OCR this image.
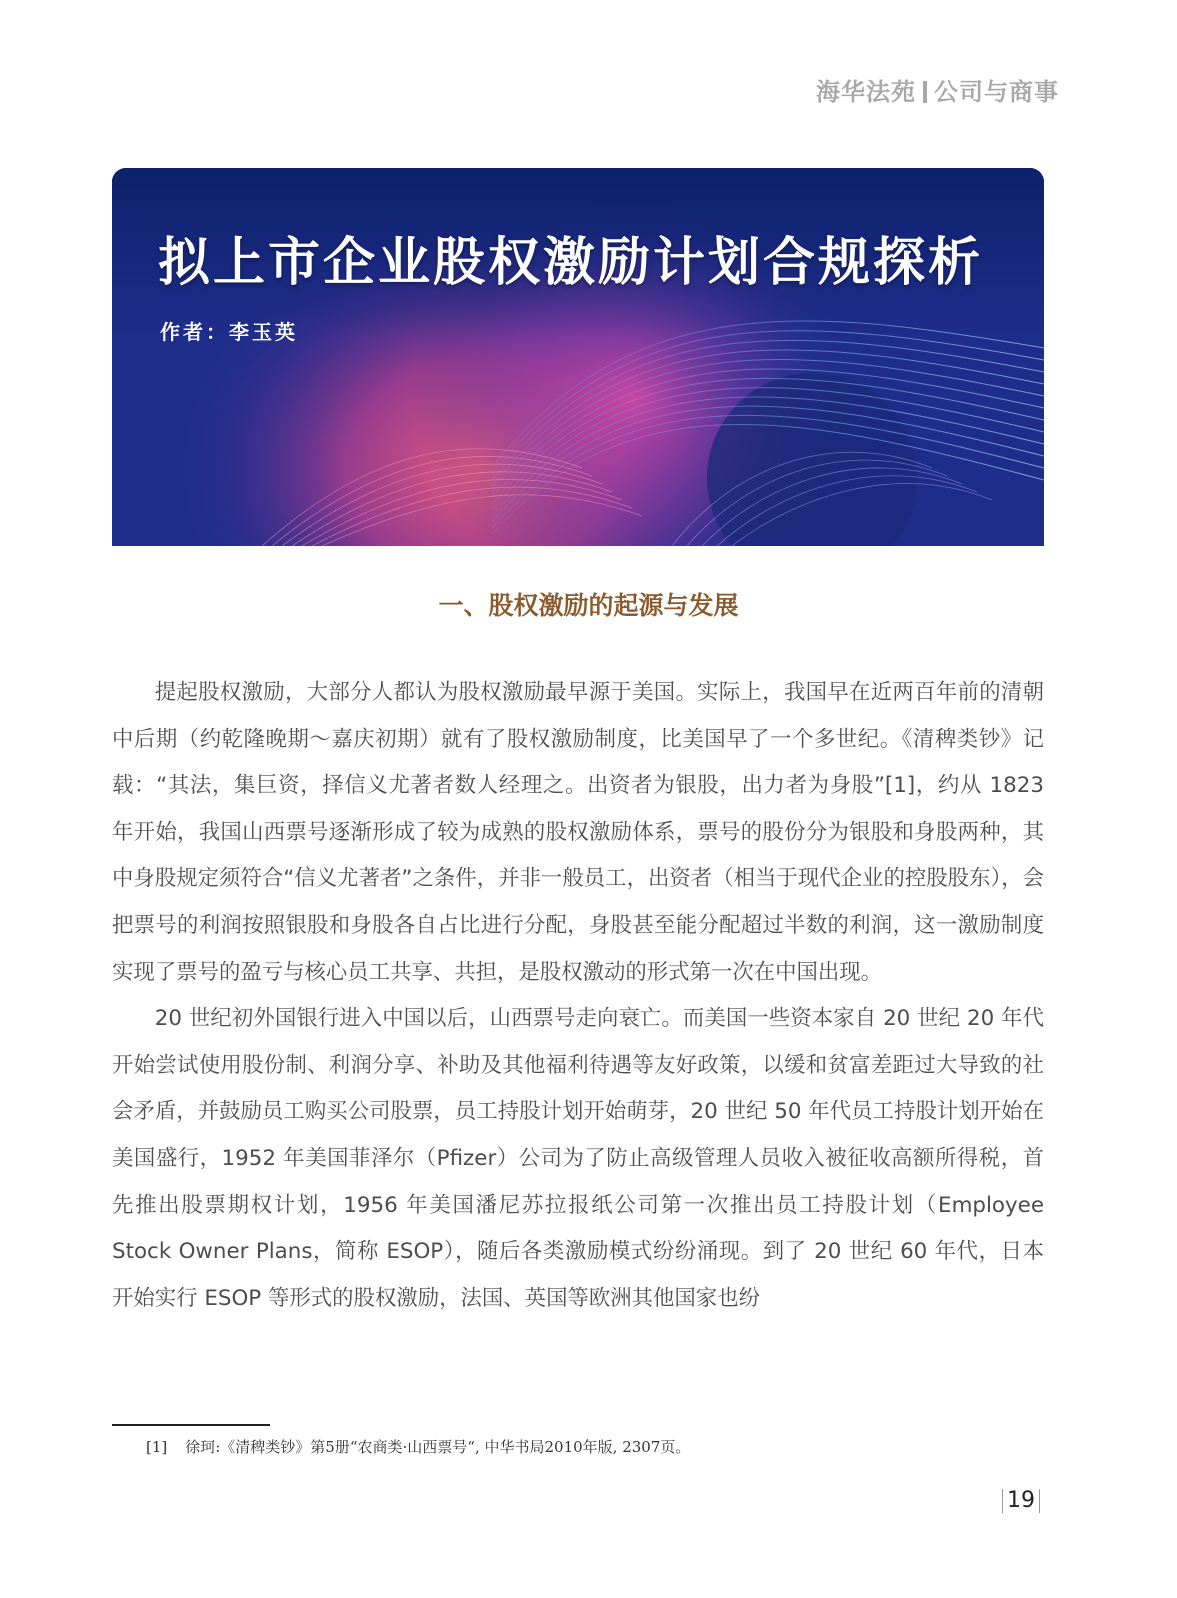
海华法苑 公司与商事
拟上市企业股权激励计划合规探析
作者：李玉英
一、股权激励的起源与发展

提起股权激励，大部分人都认为股权激励最早源于美国。实际上，我国早在近两百年前的清朝中后期（约乾隆晚期～嘉庆初期）就有了股权激励制度，比美国早了一个多世纪。《清稗类钞》记载：“其法，集巨资，择信义尤著者数人经理之。出资者为银股，出力者为身股”[1]，约从 1823 年开始，我国山西票号逐渐形成了较为成熟的股权激励体系，票号的股份分为银股和身股两种，其中身股规定须符合“信义尤著者”之条件，并非一般员工，出资者（相当于现代企业的控股股东），会把票号的利润按照银股和身股各自占比进行分配，身股甚至能分配超过半数的利润，这一激励制度实现了票号的盈亏与核心员工共享、共担，是股权激动的形式第一次在中国出现。

20 世纪初外国银行进入中国以后，山西票号走向衰亡。而美国一些资本家自 20 世纪 20 年代开始尝试使用股份制、利润分享、补助及其他福利待遇等友好政策，以缓和贫富差距过大导致的社会矛盾，并鼓励员工购买公司股票，员工持股计划开始萌芽，20 世纪 50 年代员工持股计划开始在美国盛行，1952 年美国菲泽尔（Pfizer）公司为了防止高级管理人员收入被征收高额所得税，首先推出股票期权计划，1956 年美国潘尼苏拉报纸公司第一次推出员工持股计划（Employee Stock Owner Plans，简称 ESOP），随后各类激励模式纷纷涌现。到了 20 世纪 60 年代，日本开始实行 ESOP 等形式的股权激励，法国、英国等欧洲其他国家也纷

[1] 徐珂:《清稗类钞》第5册“农商类·山西票号“, 中华书局2010年版, 2307页。
19
